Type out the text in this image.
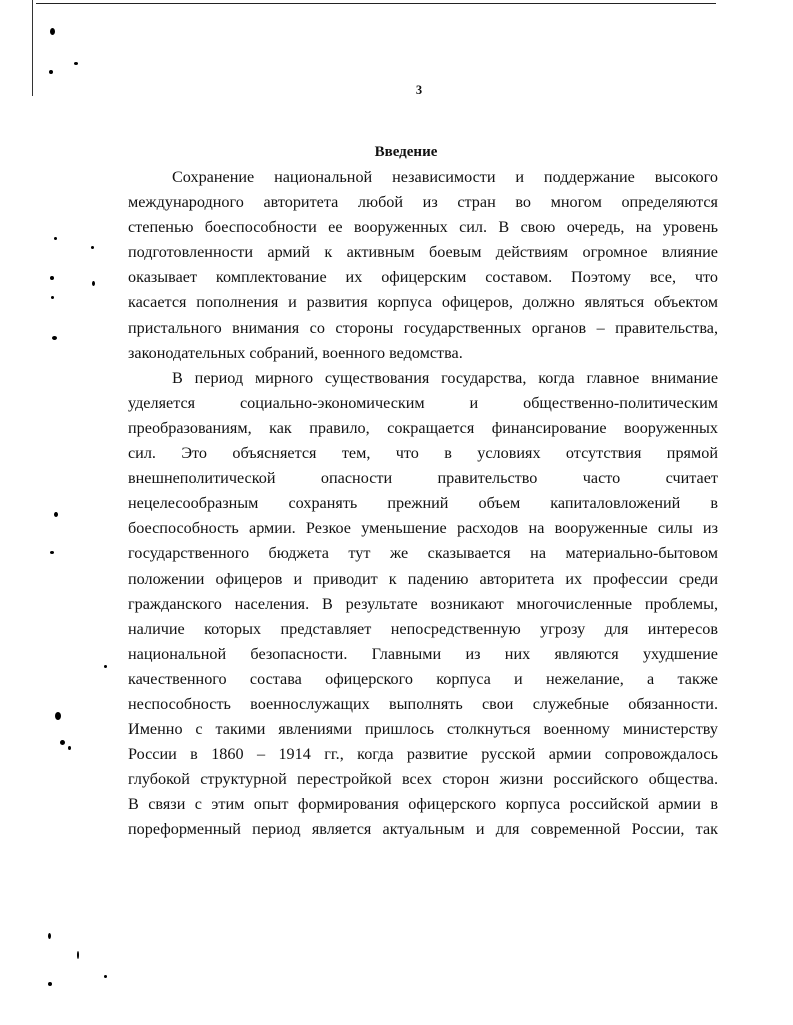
3
Введение
Сохранение национальной независимости и поддержание высокого
международного авторитета любой из стран во многом определяются
степенью боеспособности ее вооруженных сил. В свою очередь, на уровень
подготовленности армий к активным боевым действиям огромное влияние
оказывает комплектование их офицерским составом. Поэтому все, что
касается пополнения и развития корпуса офицеров, должно являться объектом
пристального внимания со стороны государственных органов – правительства,
законодательных собраний, военного ведомства.
В период мирного существования государства, когда главное внимание
уделяется социально-экономическим и общественно-политическим
преобразованиям, как правило, сокращается финансирование вооруженных
сил. Это объясняется тем, что в условиях отсутствия прямой
внешнеполитической опасности правительство часто считает
нецелесообразным сохранять прежний объем капиталовложений в
боеспособность армии. Резкое уменьшение расходов на вооруженные силы из
государственного бюджета тут же сказывается на материально-бытовом
положении офицеров и приводит к падению авторитета их профессии среди
гражданского населения. В результате возникают многочисленные проблемы,
наличие которых представляет непосредственную угрозу для интересов
национальной безопасности. Главными из них являются ухудшение
качественного состава офицерского корпуса и нежелание, а также
неспособность военнослужащих выполнять свои служебные обязанности.
Именно с такими явлениями пришлось столкнуться военному министерству
России в 1860 – 1914 гг., когда развитие русской армии сопровождалось
глубокой структурной перестройкой всех сторон жизни российского общества.
В связи с этим опыт формирования офицерского корпуса российской армии в
пореформенный период является актуальным и для современной России, так
